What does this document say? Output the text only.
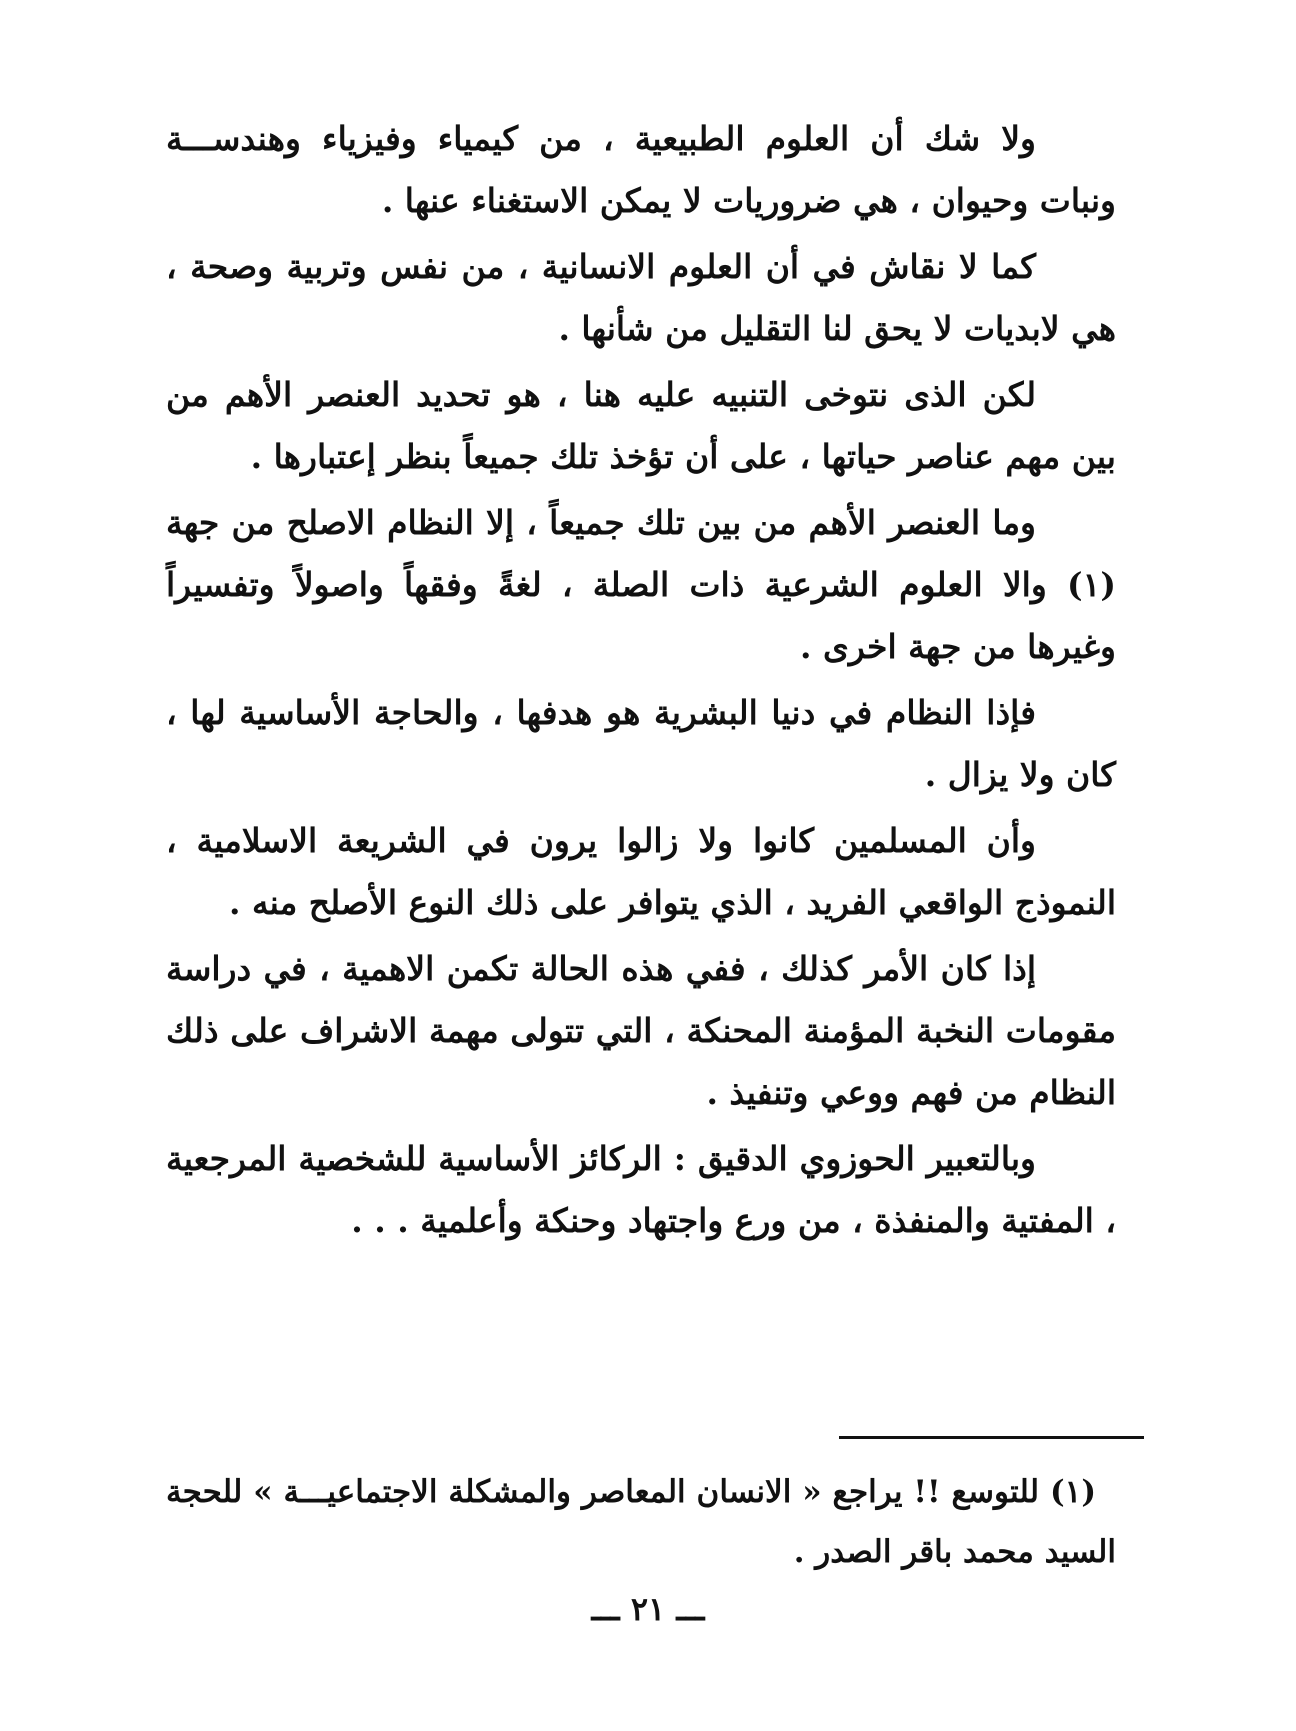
ولا شك أن العلوم الطبيعية ، من كيمياء وفيزياء وهندســـة ونبات وحيوان ، هي ضروريات لا يمكن الاستغناء عنها .

كما لا نقاش في أن العلوم الانسانية ، من نفس وتربية وصحة ، هي لابديات لا يحق لنا التقليل من شأنها .

لكن الذى نتوخى التنبيه عليه هنا ، هو تحديد العنصر الأهم من بين مهم عناصر حياتها ، على أن تؤخذ تلك جميعاً بنظر إعتبارها .

وما العنصر الأهم من بين تلك جميعاً ، إلا النظام الاصلح من جهة (١) والا العلوم الشرعية ذات الصلة ، لغةً وفقهاً واصولاً وتفسيراً وغيرها من جهة اخرى .

فإذا النظام في دنيا البشرية هو هدفها ، والحاجة الأساسية لها ، كان ولا يزال .

وأن المسلمين كانوا ولا زالوا يرون في الشريعة الاسلامية ، النموذج الواقعي الفريد ، الذي يتوافر على ذلك النوع الأصلح منه .

إذا كان الأمر كذلك ، ففي هذه الحالة تكمن الاهمية ، في دراسة مقومات النخبة المؤمنة المحنكة ، التي تتولى مهمة الاشراف على ذلك النظام من فهم ووعي وتنفيذ .

وبالتعبير الحوزوي الدقيق : الركائز الأساسية للشخصية المرجعية ، المفتية والمنفذة ، من ورع واجتهاد وحنكة وأعلمية . . .

(١) للتوسع !! يراجع « الانسان المعاصر والمشكلة الاجتماعيـــة » للحجة السيد محمد باقر الصدر .

ـــ ٢١ ـــ
